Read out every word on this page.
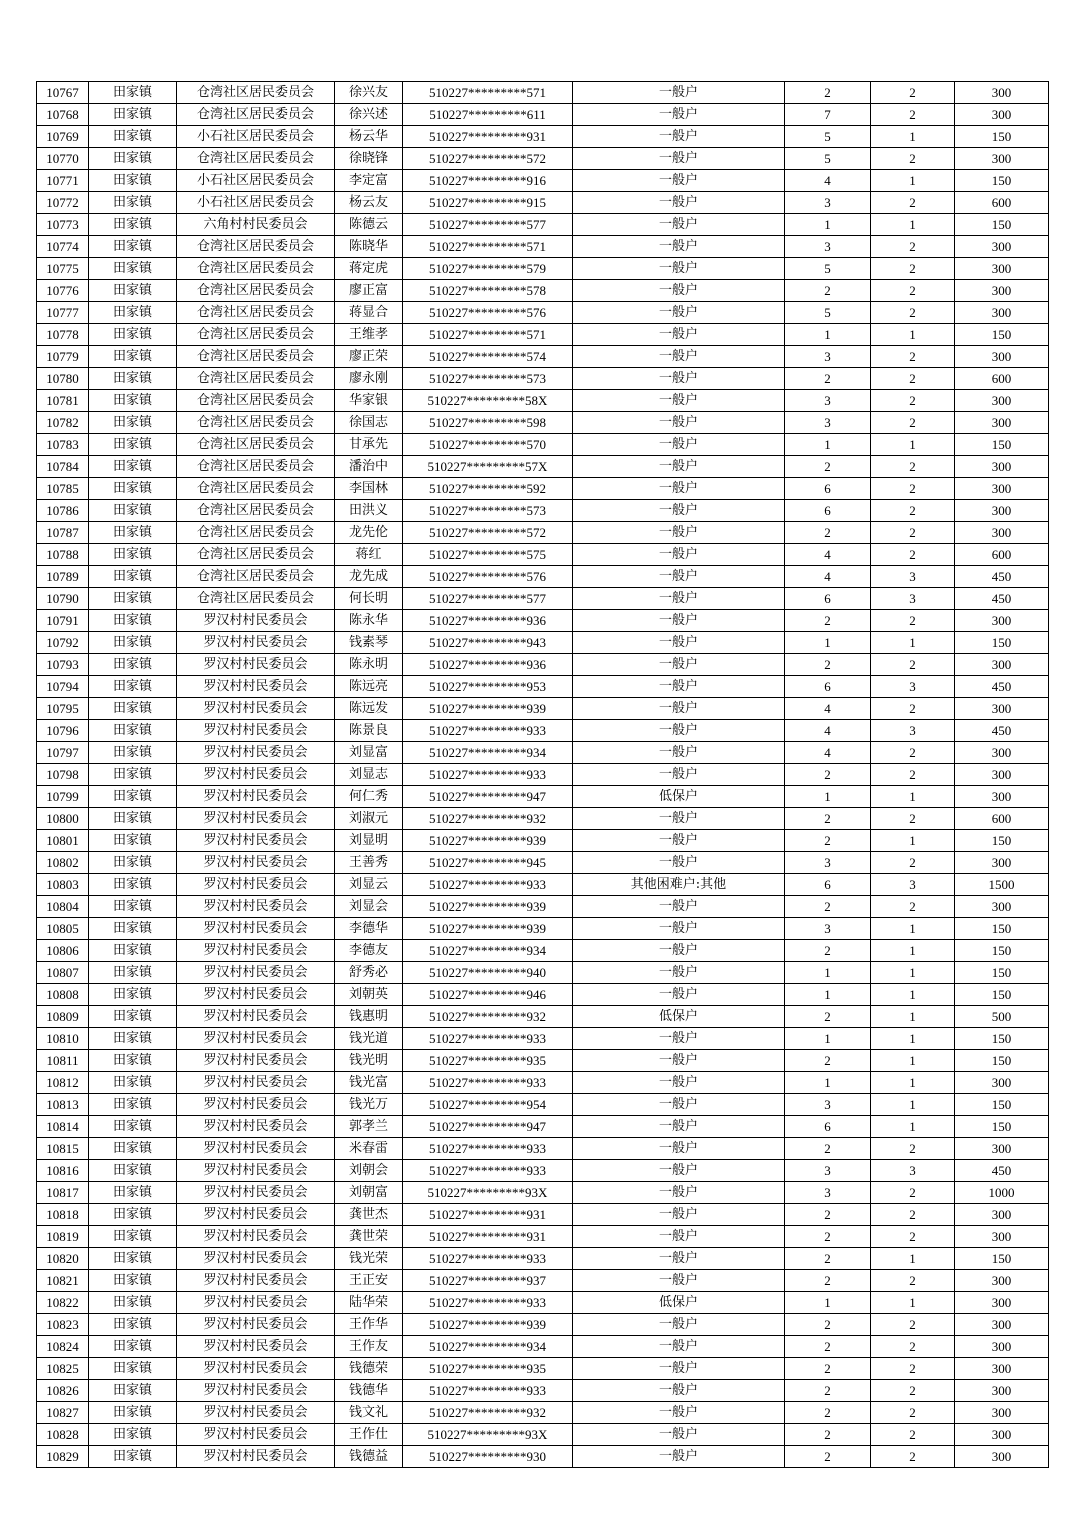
10767	田家镇	仓湾社区居民委员会	徐兴友	510227*********571	一般户	2	2	300
10768	田家镇	仓湾社区居民委员会	徐兴述	510227*********611	一般户	7	2	300
10769	田家镇	小石社区居民委员会	杨云华	510227*********931	一般户	5	1	150
10770	田家镇	仓湾社区居民委员会	徐晓锋	510227*********572	一般户	5	2	300
10771	田家镇	小石社区居民委员会	李定富	510227*********916	一般户	4	1	150
10772	田家镇	小石社区居民委员会	杨云友	510227*********915	一般户	3	2	600
10773	田家镇	六角村村民委员会	陈德云	510227*********577	一般户	1	1	150
10774	田家镇	仓湾社区居民委员会	陈晓华	510227*********571	一般户	3	2	300
10775	田家镇	仓湾社区居民委员会	蒋定虎	510227*********579	一般户	5	2	300
10776	田家镇	仓湾社区居民委员会	廖正富	510227*********578	一般户	2	2	300
10777	田家镇	仓湾社区居民委员会	蒋显合	510227*********576	一般户	5	2	300
10778	田家镇	仓湾社区居民委员会	王维孝	510227*********571	一般户	1	1	150
10779	田家镇	仓湾社区居民委员会	廖正荣	510227*********574	一般户	3	2	300
10780	田家镇	仓湾社区居民委员会	廖永刚	510227*********573	一般户	2	2	600
10781	田家镇	仓湾社区居民委员会	华家银	510227*********58X	一般户	3	2	300
10782	田家镇	仓湾社区居民委员会	徐国志	510227*********598	一般户	3	2	300
10783	田家镇	仓湾社区居民委员会	甘承先	510227*********570	一般户	1	1	150
10784	田家镇	仓湾社区居民委员会	潘治中	510227*********57X	一般户	2	2	300
10785	田家镇	仓湾社区居民委员会	李国林	510227*********592	一般户	6	2	300
10786	田家镇	仓湾社区居民委员会	田洪义	510227*********573	一般户	6	2	300
10787	田家镇	仓湾社区居民委员会	龙先伦	510227*********572	一般户	2	2	300
10788	田家镇	仓湾社区居民委员会	蒋红	510227*********575	一般户	4	2	600
10789	田家镇	仓湾社区居民委员会	龙先成	510227*********576	一般户	4	3	450
10790	田家镇	仓湾社区居民委员会	何长明	510227*********577	一般户	6	3	450
10791	田家镇	罗汉村村民委员会	陈永华	510227*********936	一般户	2	2	300
10792	田家镇	罗汉村村民委员会	钱素琴	510227*********943	一般户	1	1	150
10793	田家镇	罗汉村村民委员会	陈永明	510227*********936	一般户	2	2	300
10794	田家镇	罗汉村村民委员会	陈远亮	510227*********953	一般户	6	3	450
10795	田家镇	罗汉村村民委员会	陈远发	510227*********939	一般户	4	2	300
10796	田家镇	罗汉村村民委员会	陈景良	510227*********933	一般户	4	3	450
10797	田家镇	罗汉村村民委员会	刘显富	510227*********934	一般户	4	2	300
10798	田家镇	罗汉村村民委员会	刘显志	510227*********933	一般户	2	2	300
10799	田家镇	罗汉村村民委员会	何仁秀	510227*********947	低保户	1	1	300
10800	田家镇	罗汉村村民委员会	刘淑元	510227*********932	一般户	2	2	600
10801	田家镇	罗汉村村民委员会	刘显明	510227*********939	一般户	2	1	150
10802	田家镇	罗汉村村民委员会	王善秀	510227*********945	一般户	3	2	300
10803	田家镇	罗汉村村民委员会	刘显云	510227*********933	其他困难户:其他	6	3	1500
10804	田家镇	罗汉村村民委员会	刘显会	510227*********939	一般户	2	2	300
10805	田家镇	罗汉村村民委员会	李德华	510227*********939	一般户	3	1	150
10806	田家镇	罗汉村村民委员会	李德友	510227*********934	一般户	2	1	150
10807	田家镇	罗汉村村民委员会	舒秀必	510227*********940	一般户	1	1	150
10808	田家镇	罗汉村村民委员会	刘朝英	510227*********946	一般户	1	1	150
10809	田家镇	罗汉村村民委员会	钱惠明	510227*********932	低保户	2	1	500
10810	田家镇	罗汉村村民委员会	钱光道	510227*********933	一般户	1	1	150
10811	田家镇	罗汉村村民委员会	钱光明	510227*********935	一般户	2	1	150
10812	田家镇	罗汉村村民委员会	钱光富	510227*********933	一般户	1	1	300
10813	田家镇	罗汉村村民委员会	钱光万	510227*********954	一般户	3	1	150
10814	田家镇	罗汉村村民委员会	郭孝兰	510227*********947	一般户	6	1	150
10815	田家镇	罗汉村村民委员会	米春雷	510227*********933	一般户	2	2	300
10816	田家镇	罗汉村村民委员会	刘朝会	510227*********933	一般户	3	3	450
10817	田家镇	罗汉村村民委员会	刘朝富	510227*********93X	一般户	3	2	1000
10818	田家镇	罗汉村村民委员会	龚世杰	510227*********931	一般户	2	2	300
10819	田家镇	罗汉村村民委员会	龚世荣	510227*********931	一般户	2	2	300
10820	田家镇	罗汉村村民委员会	钱光荣	510227*********933	一般户	2	1	150
10821	田家镇	罗汉村村民委员会	王正安	510227*********937	一般户	2	2	300
10822	田家镇	罗汉村村民委员会	陆华荣	510227*********933	低保户	1	1	300
10823	田家镇	罗汉村村民委员会	王作华	510227*********939	一般户	2	2	300
10824	田家镇	罗汉村村民委员会	王作友	510227*********934	一般户	2	2	300
10825	田家镇	罗汉村村民委员会	钱德荣	510227*********935	一般户	2	2	300
10826	田家镇	罗汉村村民委员会	钱德华	510227*********933	一般户	2	2	300
10827	田家镇	罗汉村村民委员会	钱文礼	510227*********932	一般户	2	2	300
10828	田家镇	罗汉村村民委员会	王作仕	510227*********93X	一般户	2	2	300
10829	田家镇	罗汉村村民委员会	钱德益	510227*********930	一般户	2	2	300
